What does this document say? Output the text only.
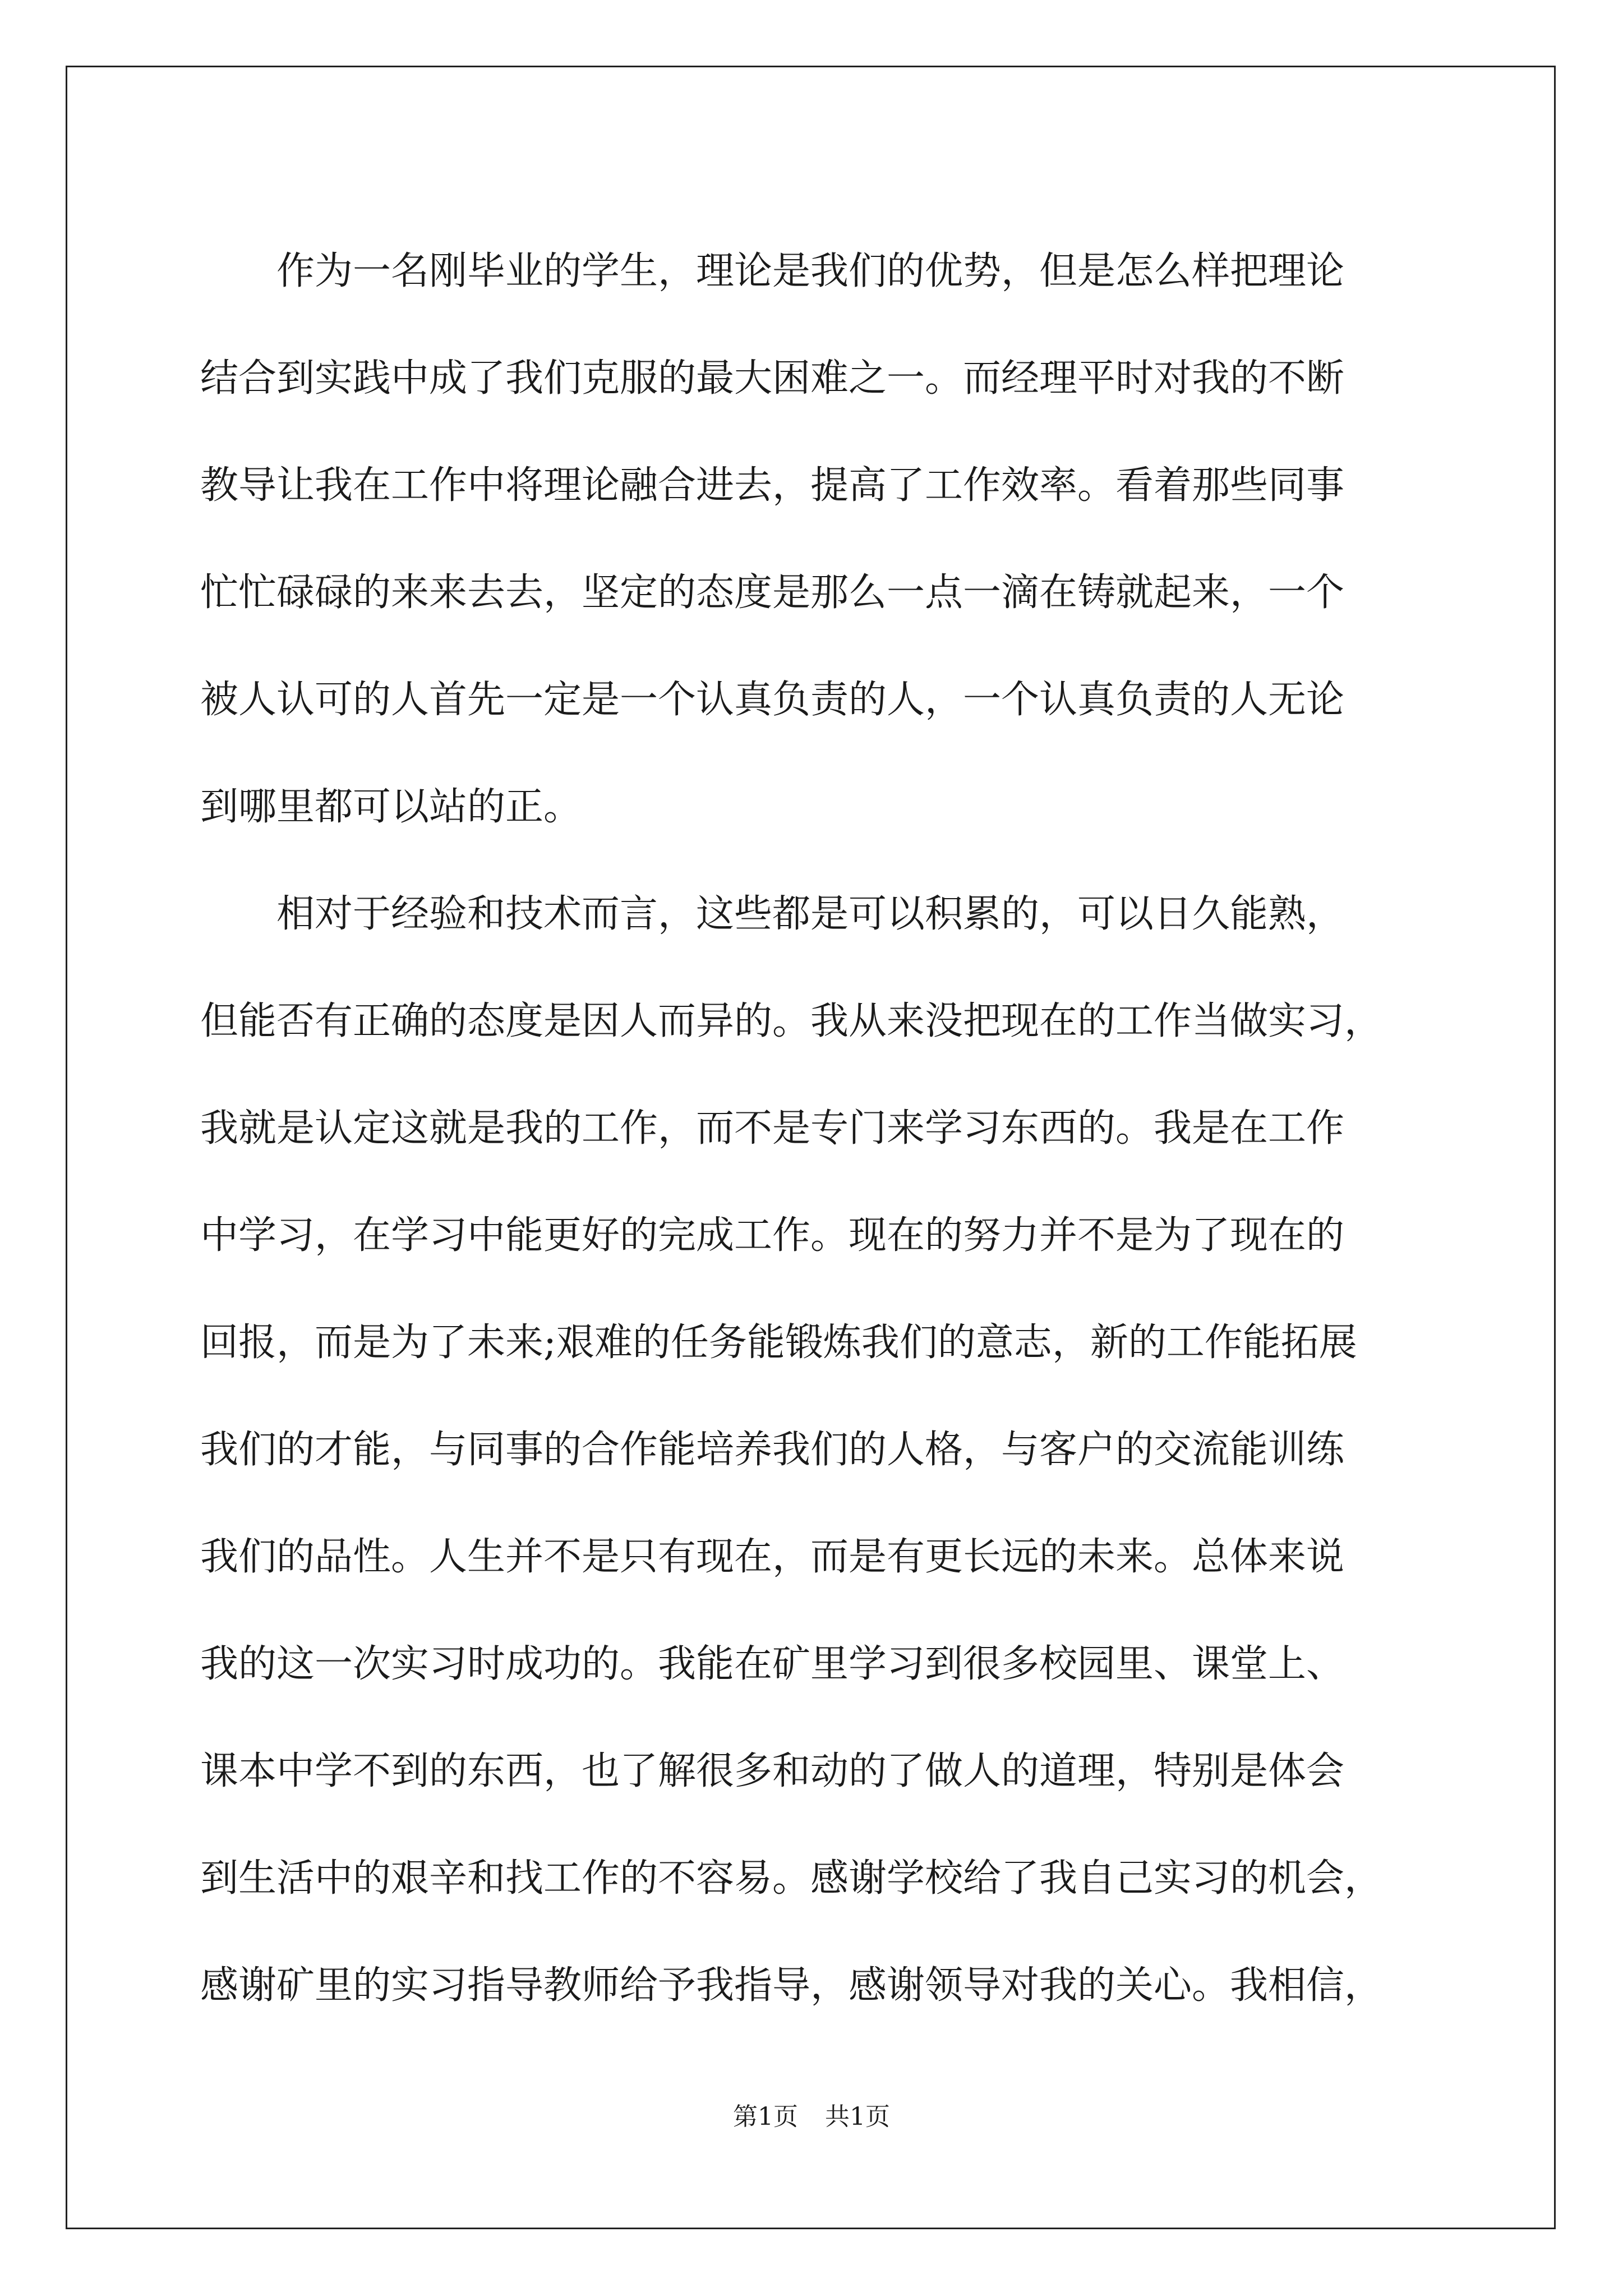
作为一名刚毕业的学生，理论是我们的优势，但是怎么样把理论
结合到实践中成了我们克服的最大困难之一。而经理平时对我的不断
教导让我在工作中将理论融合进去，提高了工作效率。看着那些同事
忙忙碌碌的来来去去，坚定的态度是那么一点一滴在铸就起来，一个
被人认可的人首先一定是一个认真负责的人，一个认真负责的人无论
到哪里都可以站的正。
相对于经验和技术而言，这些都是可以积累的，可以日久能熟，
但能否有正确的态度是因人而异的。我从来没把现在的工作当做实习，
我就是认定这就是我的工作，而不是专门来学习东西的。我是在工作
中学习，在学习中能更好的完成工作。现在的努力并不是为了现在的
回报，而是为了未来;艰难的任务能锻炼我们的意志，新的工作能拓展
我们的才能，与同事的合作能培养我们的人格，与客户的交流能训练
我们的品性。人生并不是只有现在，而是有更长远的未来。总体来说
我的这一次实习时成功的。我能在矿里学习到很多校园里、课堂上、
课本中学不到的东西，也了解很多和动的了做人的道理，特别是体会
到生活中的艰辛和找工作的不容易。感谢学校给了我自己实习的机会，
感谢矿里的实习指导教师给予我指导，感谢领导对我的关心。我相信，
第1页 共1页
